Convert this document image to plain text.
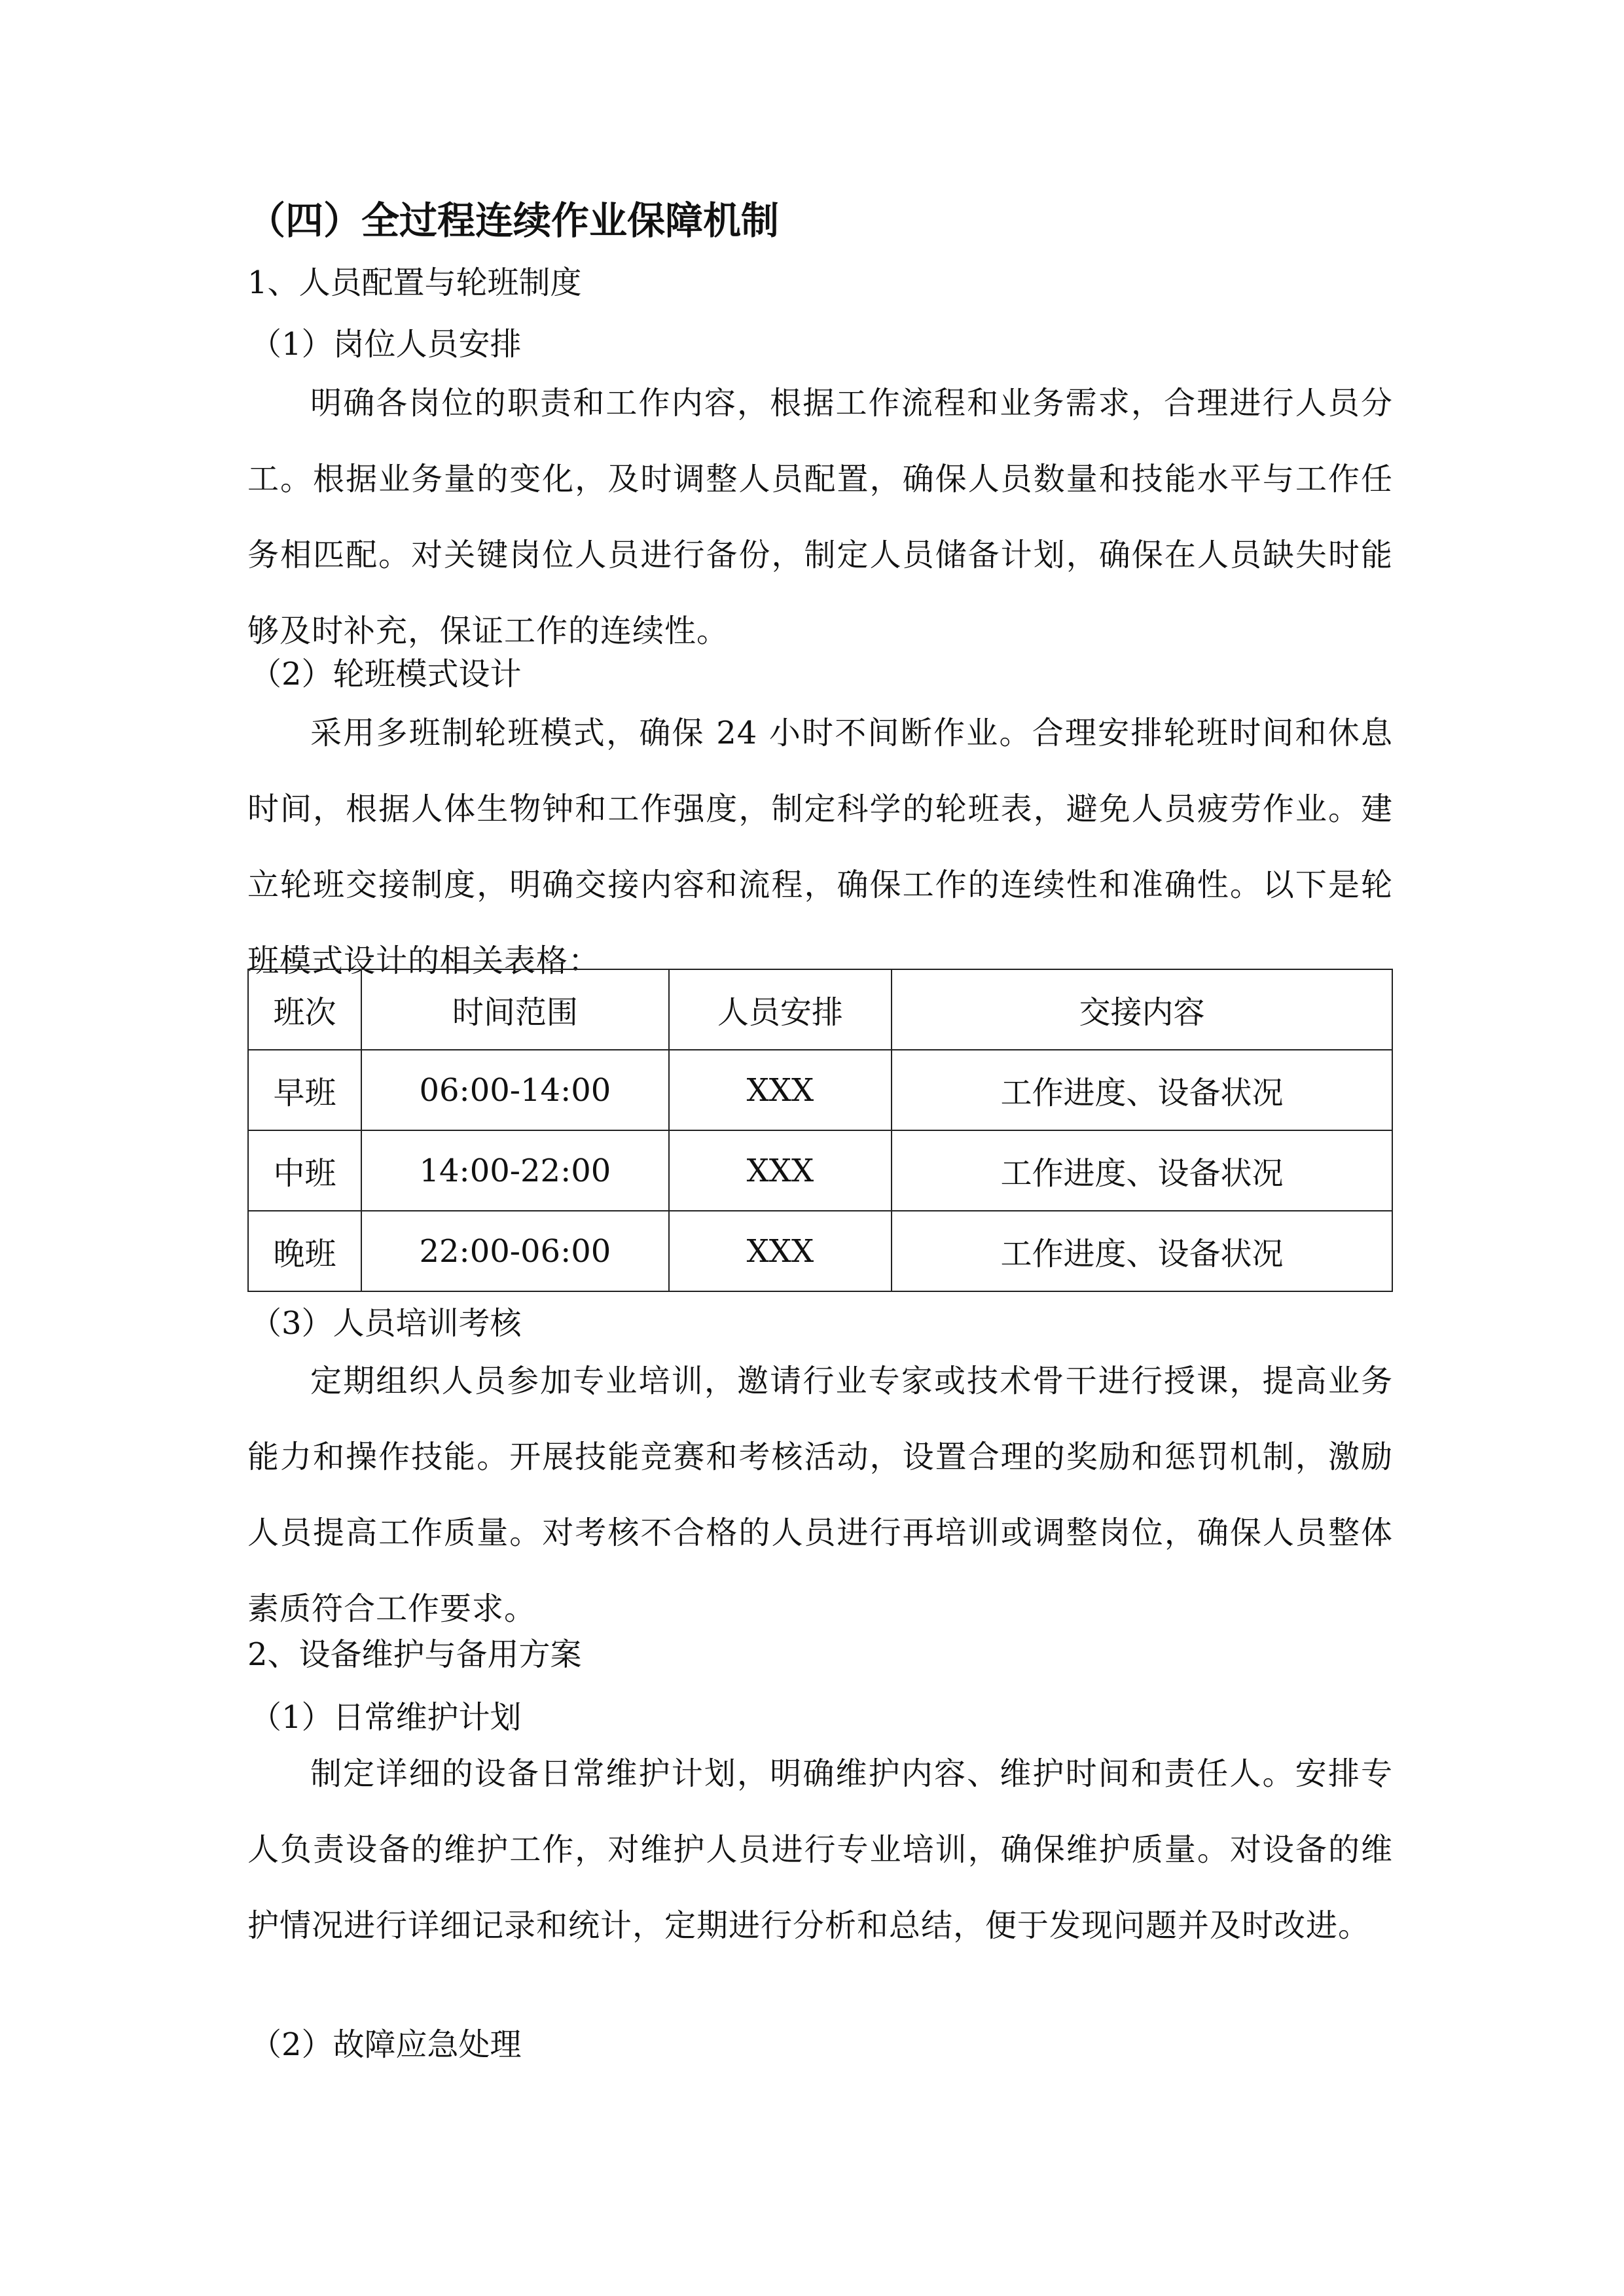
（四）全过程连续作业保障机制
1、人员配置与轮班制度
（1）岗位人员安排

明确各岗位的职责和工作内容，根据工作流程和业务需求，合理进行人员分工。根据业务量的变化，及时调整人员配置，确保人员数量和技能水平与工作任务相匹配。对关键岗位人员进行备份，制定人员储备计划，确保在人员缺失时能够及时补充，保证工作的连续性。

（2）轮班模式设计

采用多班制轮班模式，确保 24 小时不间断作业。合理安排轮班时间和休息时间，根据人体生物钟和工作强度，制定科学的轮班表，避免人员疲劳作业。建立轮班交接制度，明确交接内容和流程，确保工作的连续性和准确性。以下是轮班模式设计的相关表格：

班次	时间范围	人员安排	交接内容
早班	06:00-14:00	XXX	工作进度、设备状况
中班	14:00-22:00	XXX	工作进度、设备状况
晚班	22:00-06:00	XXX	工作进度、设备状况
（3）人员培训考核

定期组织人员参加专业培训，邀请行业专家或技术骨干进行授课，提高业务能力和操作技能。开展技能竞赛和考核活动，设置合理的奖励和惩罚机制，激励人员提高工作质量。对考核不合格的人员进行再培训或调整岗位，确保人员整体素质符合工作要求。

2、设备维护与备用方案
（1）日常维护计划

制定详细的设备日常维护计划，明确维护内容、维护时间和责任人。安排专人负责设备的维护工作，对维护人员进行专业培训，确保维护质量。对设备的维护情况进行详细记录和统计，定期进行分析和总结，便于发现问题并及时改进。

（2）故障应急处理
